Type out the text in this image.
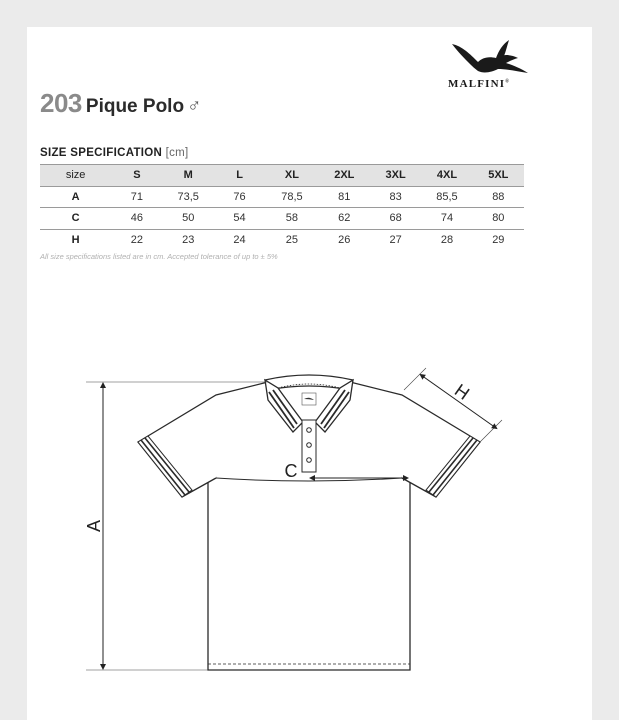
MALFINI®
203 Pique Polo ♂
SIZE SPECIFICATION [cm]
size	S	M	L	XL	2XL	3XL	4XL	5XL
A	71	73,5	76	78,5	81	83	85,5	88
C	46	50	54	58	62	68	74	80
H	22	23	24	25	26	27	28	29
All size specifications listed are in cm. Accepted tolerance of up to ± 5%
A
C
H
